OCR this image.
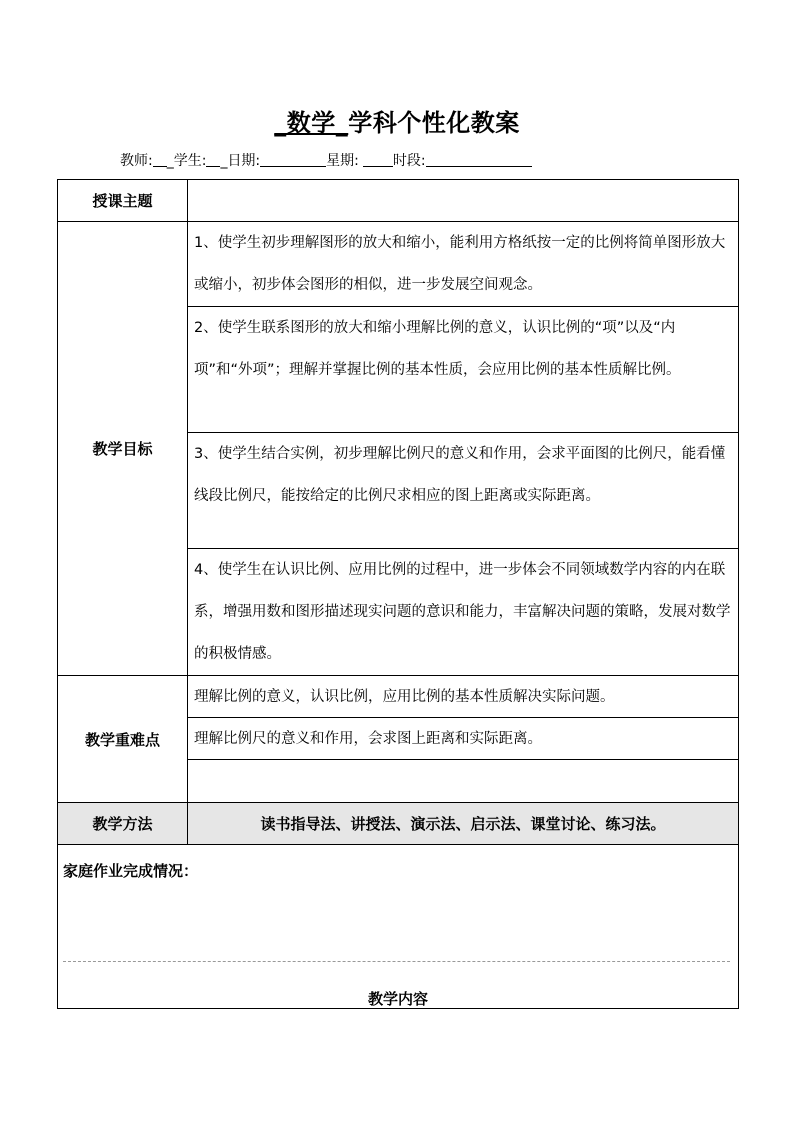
_数学_学科个性化教案
教师: _学生: _日期:	星期: 时段:
授课主题	
教学目标	1、使学生初步理解图形的放大和缩小，能利用方格纸按一定的比例将简单图形放大或缩小，初步体会图形的相似，进一步发展空间观念。
	2、使学生联系图形的放大和缩小理解比例的意义，认识比例的“项”以及“内项”和“外项”；理解并掌握比例的基本性质，会应用比例的基本性质解比例。
	3、使学生结合实例，初步理解比例尺的意义和作用，会求平面图的比例尺，能看懂线段比例尺，能按给定的比例尺求相应的图上距离或实际距离。
	4、使学生在认识比例、应用比例的过程中，进一步体会不同领域数学内容的内在联系，增强用数和图形描述现实问题的意识和能力，丰富解决问题的策略，发展对数学的积极情感。
教学重难点	理解比例的意义，认识比例，应用比例的基本性质解决实际问题。
	理解比例尺的意义和作用，会求图上距离和实际距离。

教学方法	读书指导法、讲授法、演示法、启示法、课堂讨论、练习法。

家庭作业完成情况：
教学内容	
